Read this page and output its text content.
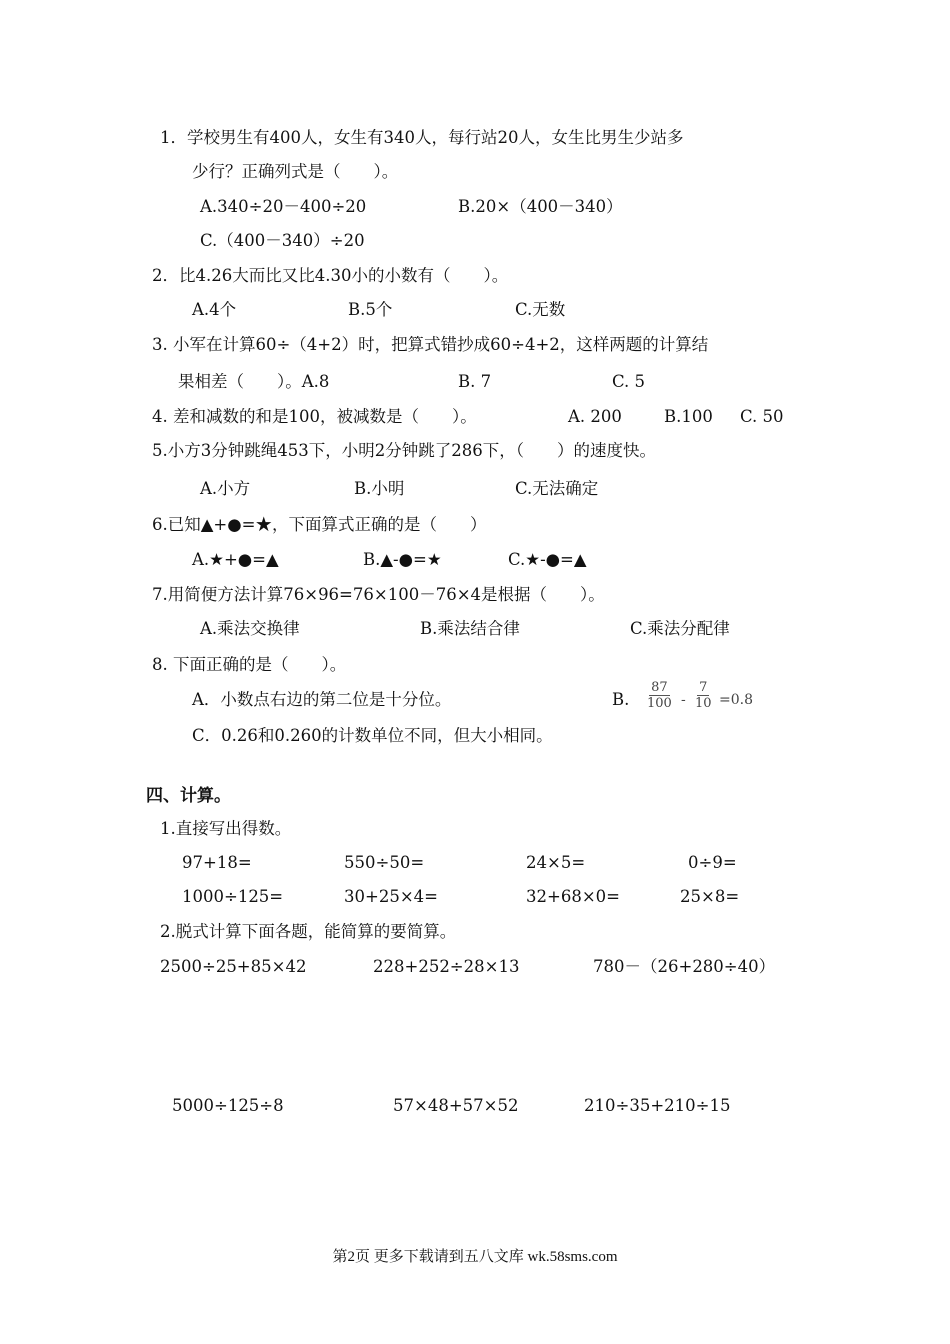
1．学校男生有400人，女生有340人，每行站20人，女生比男生少站多
少行？正确列式是（　　）。
A.340÷20－400÷20	B.20×（400－340）
C.（400－340）÷20
2．比4.26大而比又比4.30小的小数有（　　）。
A.4个	B.5个	C.无数
3. 小军在计算60÷（4+2）时，把算式错抄成60÷4+2，这样两题的计算结
果相差（　　）。A.8	B. 7	C. 5
4. 差和减数的和是100，被减数是（　　）。	A. 200	B.100 C. 50
5.小方3分钟跳绳453下，小明2分钟跳了286下，（　　）的速度快。
A.小方	B.小明	C.无法确定
6.已知▲+●=★，下面算式正确的是（　　）
A.★+●=▲	B.▲-●=★	C.★-●=▲
7.用简便方法计算76×96=76×100－76×4是根据（　　）。
A.乘法交换律	B.乘法结合律	C.乘法分配律
8. 下面正确的是（　　）。
A．小数点右边的第二位是十分位。	B. $\frac{87}{100} - \frac{7}{10} =0.8$
C．0.26和0.260的计数单位不同，但大小相同。
四、计算。
1.直接写出得数。
97+18=	550÷50=	24×5=	0÷9=
1000÷125=	30+25×4=	32+68×0=	25×8=
2.脱式计算下面各题，能简算的要简算。
2500÷25+85×42	228+252÷28×13	780－（26+280÷40）
5000÷125÷8	57×48+57×52	210÷35+210÷15
第2页 更多下载请到五八文库 wk.58sms.com
